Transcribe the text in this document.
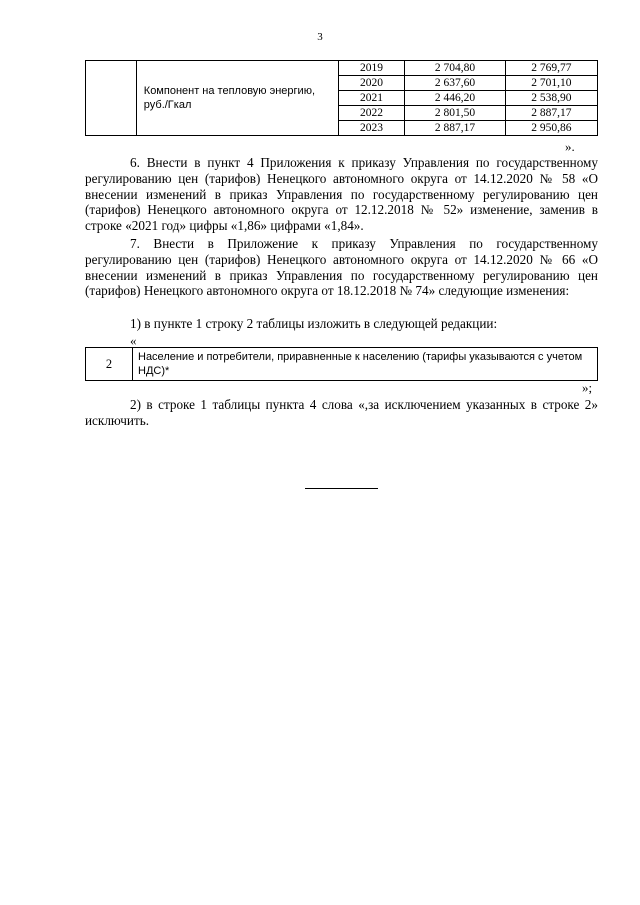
3
	Компонент на тепловую энергию, руб./Гкал	2019	2 704,80	2 769,77
		2020	2 637,60	2 701,10
		2021	2 446,20	2 538,90
		2022	2 801,50	2 887,17
		2023	2 887,17	2 950,86
».

6. Внести в пункт 4 Приложения к приказу Управления по государственному регулированию цен (тарифов) Ненецкого автономного округа от 14.12.2020 № 58 «О внесении изменений в приказ Управления по государственному регулированию цен (тарифов) Ненецкого автономного округа от 12.12.2018 № 52» изменение, заменив в строке «2021 год» цифры «1,86» цифрами «1,84».

7. Внести в Приложение к приказу Управления по государственному регулированию цен (тарифов) Ненецкого автономного округа от 14.12.2020 № 66 «О внесении изменений в приказ Управления по государственному регулированию цен (тарифов) Ненецкого автономного округа от 18.12.2018 № 74» следующие изменения:

1) в пункте 1 строку 2 таблицы изложить в следующей редакции:

«
2	Население и потребители, приравненные к населению (тарифы указываются с учетом НДС)*
»;

2) в строке 1 таблицы пункта 4 слова «,за исключением указанных в строке 2» исключить.
